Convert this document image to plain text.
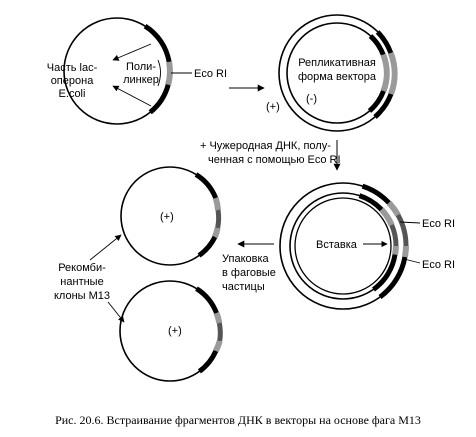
Часть lac-
оперона
E.coli
Поли-
линкер	Eco RI
Репликативная
форма вектора
(+)
(-)
+ Чужеродная ДНК, полу-
ченная с помощью Eco RI
Вставка
Eco RI
Eco RI
Упаковка
в фаговые
частицы
(+)
(+)
Рекомби-
нантные
клоны M13
Рис. 20.6. Встраивание фрагментов ДНК в векторы на основе фага M13
